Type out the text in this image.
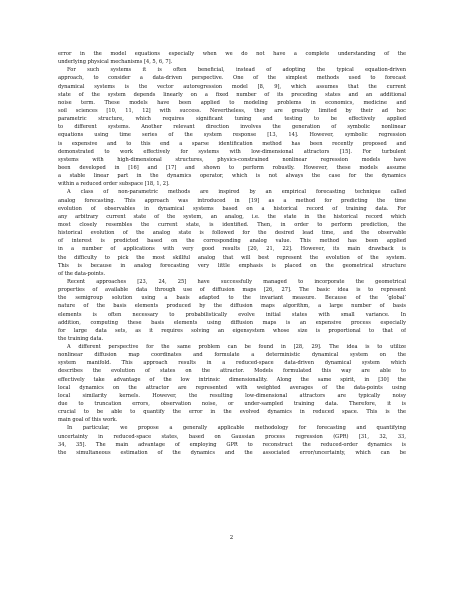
error in the model equations especially when we do not have a complete understanding of the
underlying physical mechanisms [4, 5, 6, 7].
For such systems it is often beneficial, instead of adopting the typical equation-driven
approach, to consider a data-driven perspective. One of the simplest methods used to forecast
dynamical systems is the vector autoregression model [8, 9], which assumes that the current
state of the system depends linearly on a fixed number of its preceding states and an additional
noise term. These models have been applied to modeling problems in economics, medicine and
soil sciences [10, 11, 12] with success. Nevertheless, they are greatly limited by their ad hoc
parametric structure, which requires significant tuning and testing to be effectively applied
to different systems. Another relevant direction involves the generation of symbolic nonlinear
equations using time series of the system response [13, 14]. However, symbolic regression
is expensive and to this end a sparse identification method has been recently proposed and
demonstrated to work effectively for systems with low-dimensional attractors [15]. For turbulent
systems with high-dimensional structures, physics-constrained nonlinear regression models have
been developed in [16] and [17] and shown to perform robustly. However, these models assume
a stable linear part in the dynamics operator, which is not always the case for the dynamics
within a reduced order subspace [18, 1, 2].
A class of non-parametric methods are inspired by an empirical forecasting technique called
analog forecasting. This approach was introduced in [19] as a method for predicting the time
evolution of observables in dynamical systems based on a historical record of training data. For
any arbitrary current state of the system, an analog, i.e. the state in the historical record which
most closely resembles the current state, is identified. Then, in order to perform prediction, the
historical evolution of the analog state is followed for the desired lead time, and the observable
of interest is predicted based on the corresponding analog value. This method has been applied
in a number of applications with very good results [20, 21, 22]. However, its main drawback is
the difficulty to pick the most skillful analog that will best represent the evolution of the system.
This is because in analog forecasting very little emphasis is placed on the geometrical structure
of the data-points.
Recent approaches [23, 24, 25] have successfully managed to incorporate the geometrical
properties of available data through use of diffusion maps [26, 27]. The basic idea is to represent
the semigroup solution using a basis adapted to the invariant measure. Because of the ‘global’
nature of the basis elements produced by the diffusion maps algorithm, a large number of basis
elements is often necessary to probabilistically evolve initial states with small variance. In
addition, computing these basis elements using diffusion maps is an expensive process especially
for large data sets, as it requires solving an eigensystem whose size is proportional to that of
the training data.
A different perspective for the same problem can be found in [28, 29]. The idea is to utilize
nonlinear diffusion map coordinates and formulate a deterministic dynamical system on the
system manifold. This approach results in a reduced-space data-driven dynamical system which
describes the evolution of states on the attractor. Models formulated this way are able to
effectively take advantage of the low intrinsic dimensionality. Along the same spirit, in [30] the
local dynamics on the attractor are represented with weighted averages of the data-points using
local similarity kernels. However, the resulting low-dimensional attractors are typically noisy
due to truncation errors, observation noise, or under-sampled training data. Therefore, it is
crucial to be able to quantify the error in the evolved dynamics in reduced space. This is the
main goal of this work.
In particular, we propose a generally applicable methodology for forecasting and quantifying
uncertainty in reduced-space states, based on Gaussian process regression (GPR) [31, 32, 33,
34, 35]. The main advantage of employing GPR to reconstruct the reduced-order dynamics is
the simultaneous estimation of the dynamics and the associated error/uncertainty, which can be
2
